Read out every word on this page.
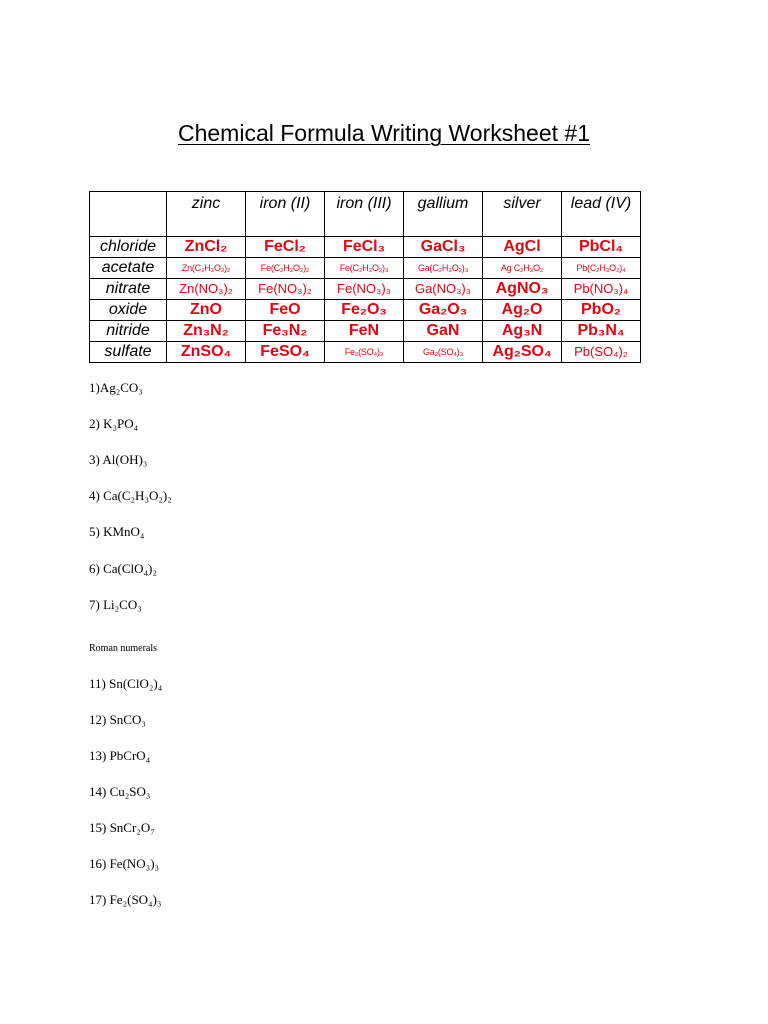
Chemical Formula Writing Worksheet #1
	zinc	iron (II)	iron (III)	gallium	silver	lead (IV)
chloride	ZnCl₂	FeCl₂	FeCl₃	GaCl₃	AgCl	PbCl₄
acetate	Zn(C₂H₃O₂)₂	Fe(C₂H₃O₂)₂	Fe(C₂H₃O₂)₃	Ga(C₂H₃O₂)₃	Ag C₂H₃O₂	Pb(C₂H₃O₂)₄
nitrate	Zn(NO₃)₂	Fe(NO₃)₂	Fe(NO₃)₃	Ga(NO₃)₃	AgNO₃	Pb(NO₃)₄
oxide	ZnO	FeO	Fe₂O₃	Ga₂O₃	Ag₂O	PbO₂
nitride	Zn₃N₂	Fe₃N₂	FeN	GaN	Ag₃N	Pb₃N₄
sulfate	ZnSO₄	FeSO₄	Fe₂(SO₄)₃	Ga₂(SO₄)₃	Ag₂SO₄	Pb(SO₄)₂
1)Ag₂CO₃
2) K₃PO₄
3) Al(OH)₃
4) Ca(C₂H₃O₂)₂
5) KMnO₄
6) Ca(ClO₄)₂
7) Li₂CO₃
Roman numerals
11) Sn(ClO₂)₄
12) SnCO₃
13) PbCrO₄
14) Cu₂SO₃
15) SnCr₂O₇
16) Fe(NO₃)₃
17) Fe₂(SO₄)₃
